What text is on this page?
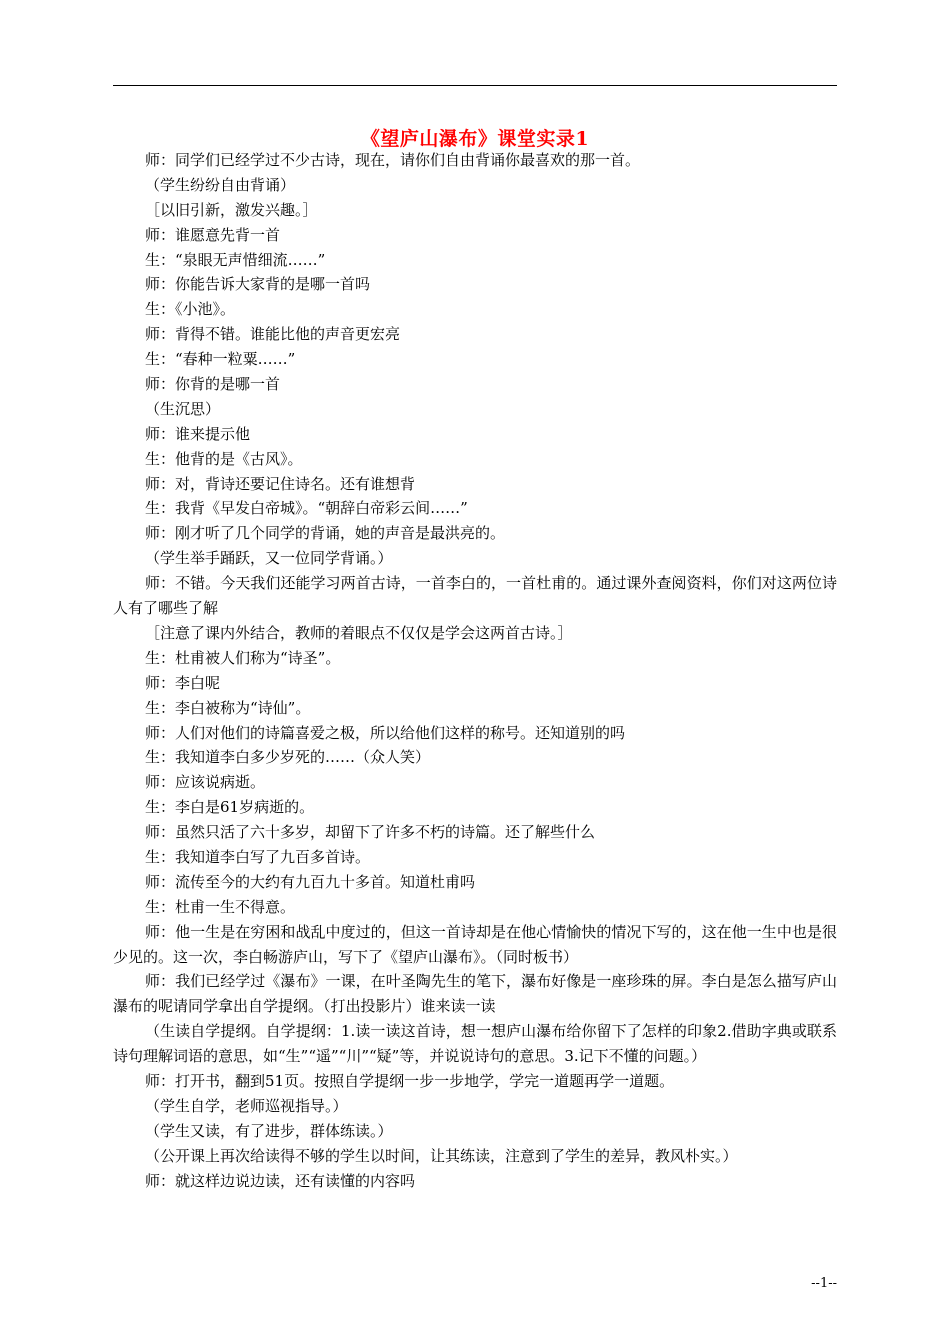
《望庐山瀑布》课堂实录1
师：同学们已经学过不少古诗，现在，请你们自由背诵你最喜欢的那一首。
（学生纷纷自由背诵）
［以旧引新，激发兴趣。］
师：谁愿意先背一首
生：“泉眼无声惜细流……”
师：你能告诉大家背的是哪一首吗
生：《小池》。
师：背得不错。谁能比他的声音更宏亮
生：“春种一粒粟……”
师：你背的是哪一首
（生沉思）
师：谁来提示他
生：他背的是《古风》。
师：对，背诗还要记住诗名。还有谁想背
生：我背《早发白帝城》。“朝辞白帝彩云间……”
师：刚才听了几个同学的背诵，她的声音是最洪亮的。
（学生举手踊跃，又一位同学背诵。）
师：不错。今天我们还能学习两首古诗，一首李白的，一首杜甫的。通过课外查阅资料，你们对这两位诗人有了哪些了解
［注意了课内外结合，教师的着眼点不仅仅是学会这两首古诗。］
生：杜甫被人们称为“诗圣”。
师：李白呢
生：李白被称为“诗仙”。
师：人们对他们的诗篇喜爱之极，所以给他们这样的称号。还知道别的吗
生：我知道李白多少岁死的……（众人笑）
师：应该说病逝。
生：李白是61岁病逝的。
师：虽然只活了六十多岁，却留下了许多不朽的诗篇。还了解些什么
生：我知道李白写了九百多首诗。
师：流传至今的大约有九百九十多首。知道杜甫吗
生：杜甫一生不得意。
师：他一生是在穷困和战乱中度过的，但这一首诗却是在他心情愉快的情况下写的，这在他一生中也是很少见的。这一次，李白畅游庐山，写下了《望庐山瀑布》。（同时板书）
师：我们已经学过《瀑布》一课，在叶圣陶先生的笔下，瀑布好像是一座珍珠的屏。李白是怎么描写庐山瀑布的呢请同学拿出自学提纲。（打出投影片）谁来读一读
（生读自学提纲。自学提纲：1.读一读这首诗，想一想庐山瀑布给你留下了怎样的印象2.借助字典或联系诗句理解词语的意思，如“生”“遥”“川”“疑”等，并说说诗句的意思。3.记下不懂的问题。）
师：打开书，翻到51页。按照自学提纲一步一步地学，学完一道题再学一道题。
（学生自学，老师巡视指导。）
（学生又读，有了进步，群体练读。）
（公开课上再次给读得不够的学生以时间，让其练读，注意到了学生的差异，教风朴实。）
师：就这样边说边读，还有读懂的内容吗
--1--
